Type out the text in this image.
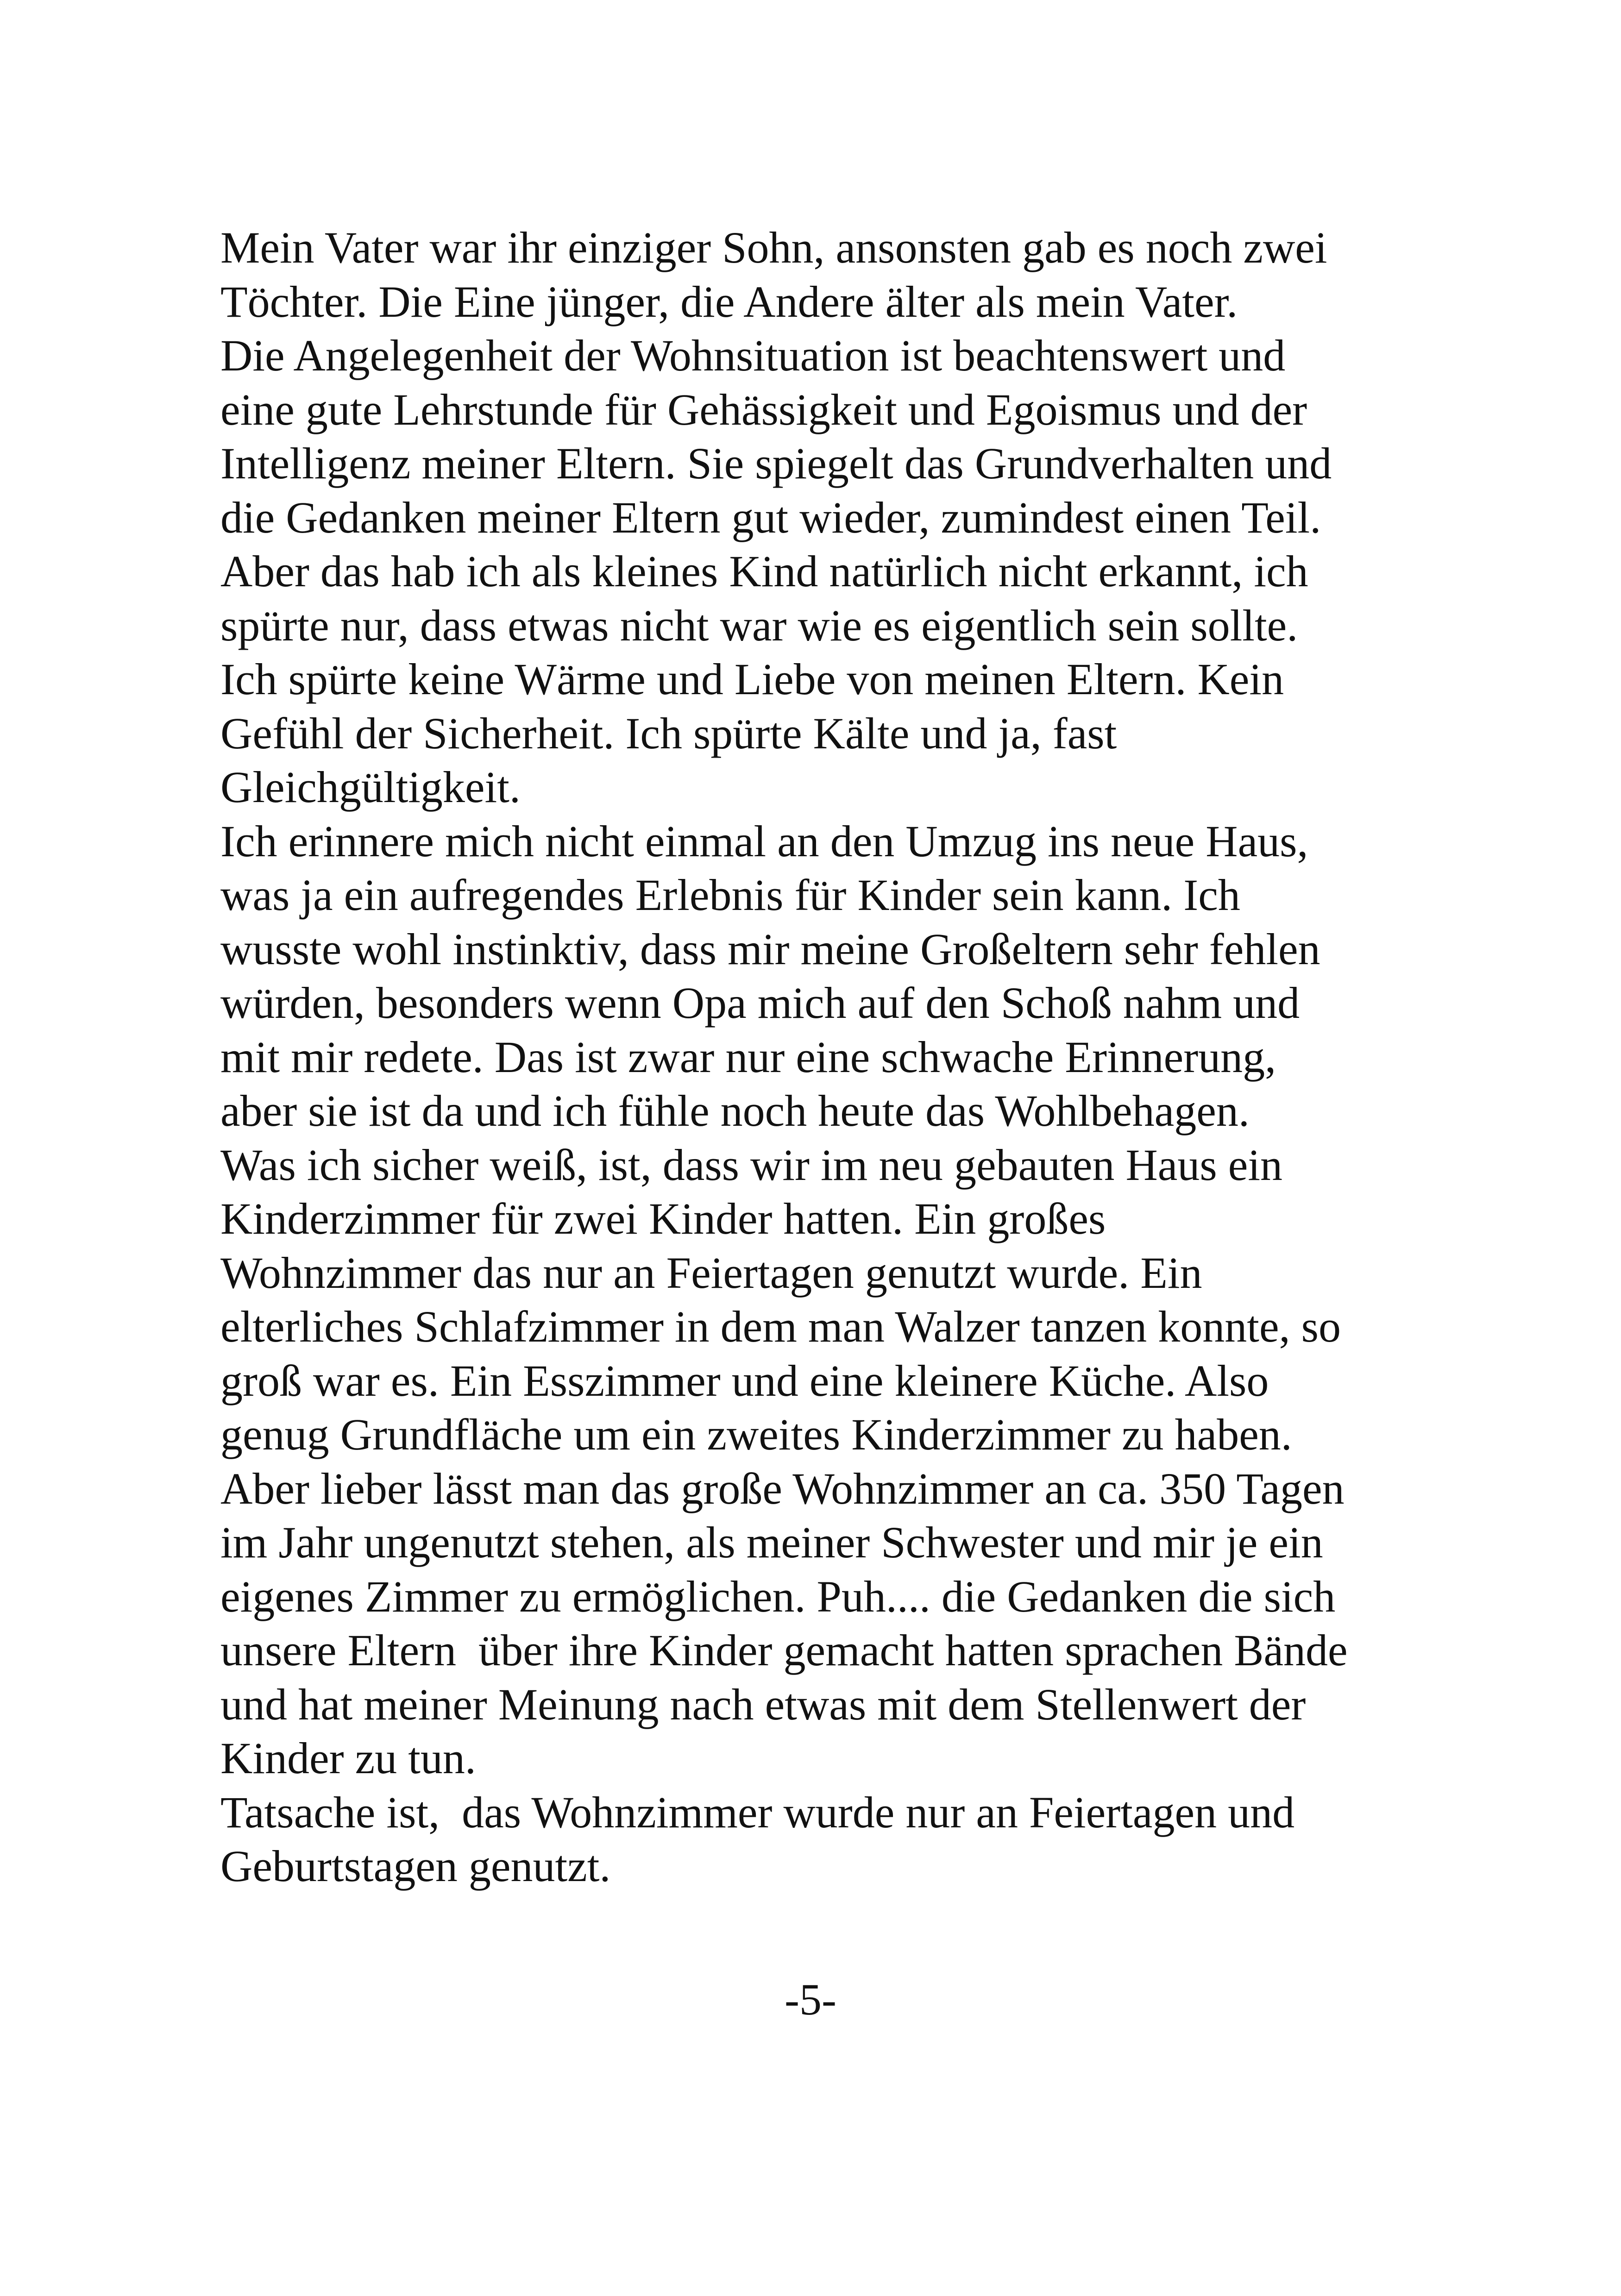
Mein Vater war ihr einziger Sohn, ansonsten gab es noch zwei
Töchter. Die Eine jünger, die Andere älter als mein Vater.
Die Angelegenheit der Wohnsituation ist beachtenswert und
eine gute Lehrstunde für Gehässigkeit und Egoismus und der
Intelligenz meiner Eltern. Sie spiegelt das Grundverhalten und
die Gedanken meiner Eltern gut wieder, zumindest einen Teil.
Aber das hab ich als kleines Kind natürlich nicht erkannt, ich
spürte nur, dass etwas nicht war wie es eigentlich sein sollte.
Ich spürte keine Wärme und Liebe von meinen Eltern. Kein
Gefühl der Sicherheit. Ich spürte Kälte und ja, fast
Gleichgültigkeit.
Ich erinnere mich nicht einmal an den Umzug ins neue Haus,
was ja ein aufregendes Erlebnis für Kinder sein kann. Ich
wusste wohl instinktiv, dass mir meine Großeltern sehr fehlen
würden, besonders wenn Opa mich auf den Schoß nahm und
mit mir redete. Das ist zwar nur eine schwache Erinnerung,
aber sie ist da und ich fühle noch heute das Wohlbehagen.
Was ich sicher weiß, ist, dass wir im neu gebauten Haus ein
Kinderzimmer für zwei Kinder hatten. Ein großes
Wohnzimmer das nur an Feiertagen genutzt wurde. Ein
elterliches Schlafzimmer in dem man Walzer tanzen konnte, so
groß war es. Ein Esszimmer und eine kleinere Küche. Also
genug Grundfläche um ein zweites Kinderzimmer zu haben.
Aber lieber lässt man das große Wohnzimmer an ca. 350 Tagen
im Jahr ungenutzt stehen, als meiner Schwester und mir je ein
eigenes Zimmer zu ermöglichen. Puh.... die Gedanken die sich
unsere Eltern  über ihre Kinder gemacht hatten sprachen Bände
und hat meiner Meinung nach etwas mit dem Stellenwert der
Kinder zu tun.
Tatsache ist,  das Wohnzimmer wurde nur an Feiertagen und
Geburtstagen genutzt.
-5-
